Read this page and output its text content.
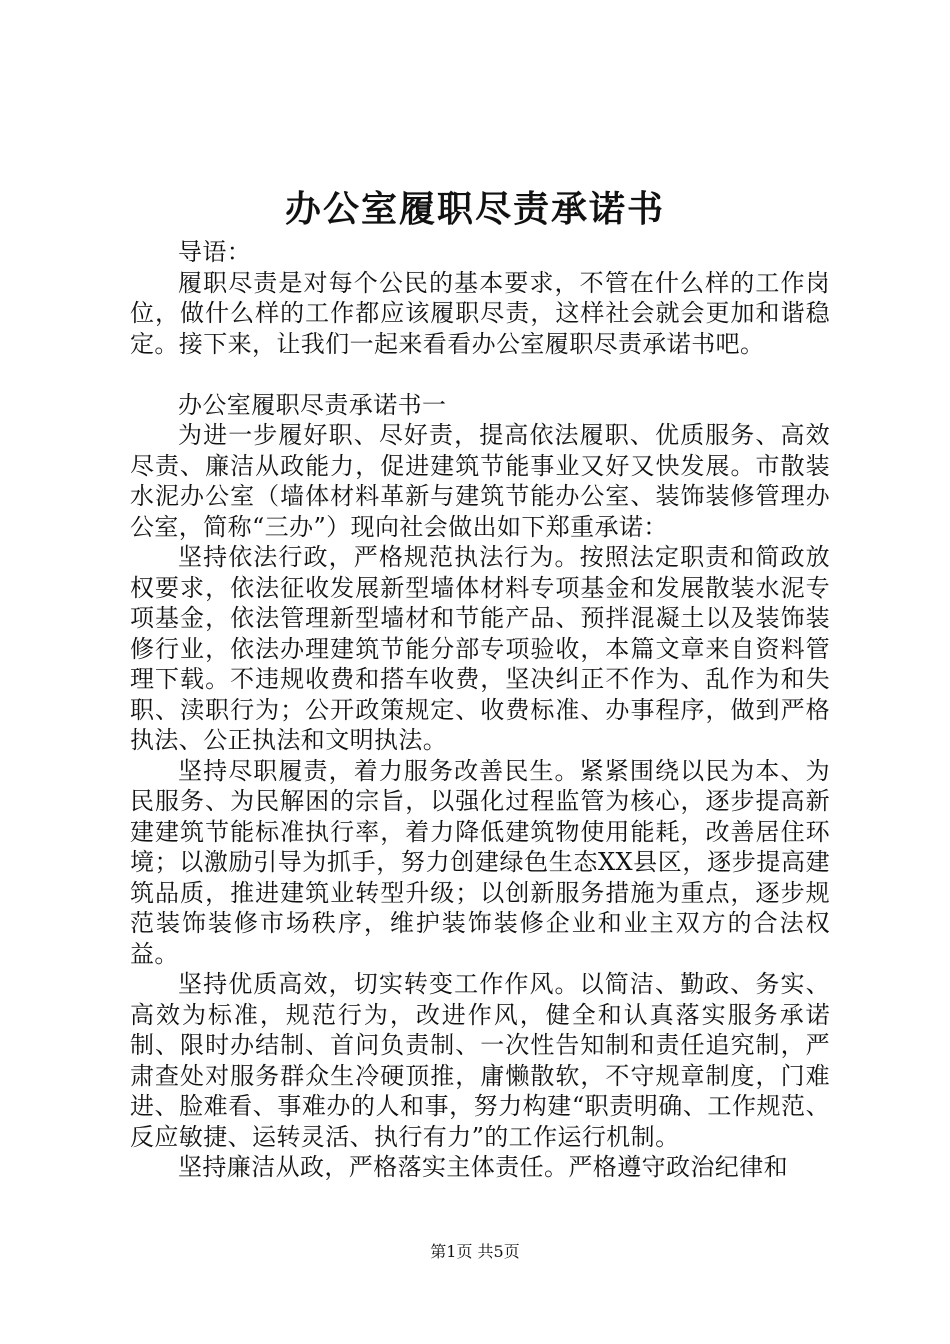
办公室履职尽责承诺书

导语：

履职尽责是对每个公民的基本要求，不管在什么样的工作岗位，做什么样的工作都应该履职尽责，这样社会就会更加和谐稳定。接下来，让我们一起来看看办公室履职尽责承诺书吧。

办公室履职尽责承诺书一

为进一步履好职、尽好责，提高依法履职、优质服务、高效尽责、廉洁从政能力，促进建筑节能事业又好又快发展。市散装水泥办公室（墙体材料革新与建筑节能办公室、装饰装修管理办公室，简称“三办”）现向社会做出如下郑重承诺：

坚持依法行政，严格规范执法行为。按照法定职责和简政放权要求，依法征收发展新型墙体材料专项基金和发展散装水泥专项基金，依法管理新型墙材和节能产品、预拌混凝土以及装饰装修行业，依法办理建筑节能分部专项验收，本篇文章来自资料管理下载。不违规收费和搭车收费，坚决纠正不作为、乱作为和失职、渎职行为；公开政策规定、收费标准、办事程序，做到严格执法、公正执法和文明执法。

坚持尽职履责，着力服务改善民生。紧紧围绕以民为本、为民服务、为民解困的宗旨，以强化过程监管为核心，逐步提高新建建筑节能标准执行率，着力降低建筑物使用能耗，改善居住环境；以激励引导为抓手，努力创建绿色生态XX县区，逐步提高建筑品质，推进建筑业转型升级；以创新服务措施为重点，逐步规范装饰装修市场秩序，维护装饰装修企业和业主双方的合法权益。

坚持优质高效，切实转变工作作风。以简洁、勤政、务实、高效为标准，规范行为，改进作风，健全和认真落实服务承诺制、限时办结制、首问负责制、一次性告知制和责任追究制，严肃查处对服务群众生冷硬顶推，庸懒散软，不守规章制度，门难进、脸难看、事难办的人和事，努力构建“职责明确、工作规范、反应敏捷、运转灵活、执行有力”的工作运行机制。

坚持廉洁从政，严格落实主体责任。严格遵守政治纪律和

第1页 共5页
